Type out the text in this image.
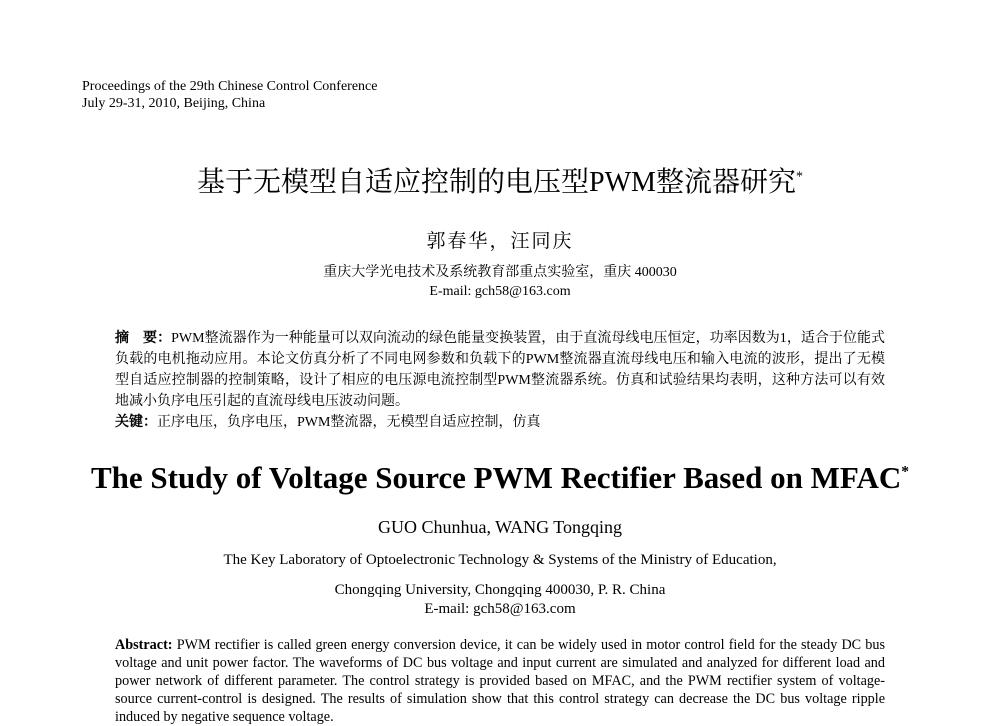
Proceedings of the 29th Chinese Control Conference
July 29-31, 2010, Beijing, China
基于无模型自适应控制的电压型PWM整流器研究*
郭春华，汪同庆
重庆大学光电技术及系统教育部重点实验室，重庆 400030
E-mail: gch58@163.com
摘　要：PWM整流器作为一种能量可以双向流动的绿色能量变换装置，由于直流母线电压恒定，功率因数为1，适合于位能式负载的电机拖动应用。本论文仿真分析了不同电网参数和负载下的PWM整流器直流母线电压和输入电流的波形，提出了无模型自适应控制器的控制策略，设计了相应的电压源电流控制型PWM整流器系统。仿真和试验结果均表明，这种方法可以有效地减小负序电压引起的直流母线电压波动问题。
关键：正序电压，负序电压，PWM整流器，无模型自适应控制，仿真
The Study of Voltage Source PWM Rectifier Based on MFAC*
GUO Chunhua, WANG Tongqing
The Key Laboratory of Optoelectronic Technology & Systems of the Ministry of Education,
Chongqing University, Chongqing 400030, P. R. China
E-mail: gch58@163.com
Abstract: PWM rectifier is called green energy conversion device, it can be widely used in motor control field for the steady DC bus voltage and unit power factor. The waveforms of DC bus voltage and input current are simulated and analyzed for different load and power network of different parameter. The control strategy is provided based on MFAC, and the PWM rectifier system of voltage-source current-control is designed. The results of simulation show that this control strategy can decrease the DC bus voltage ripple induced by negative sequence voltage.
